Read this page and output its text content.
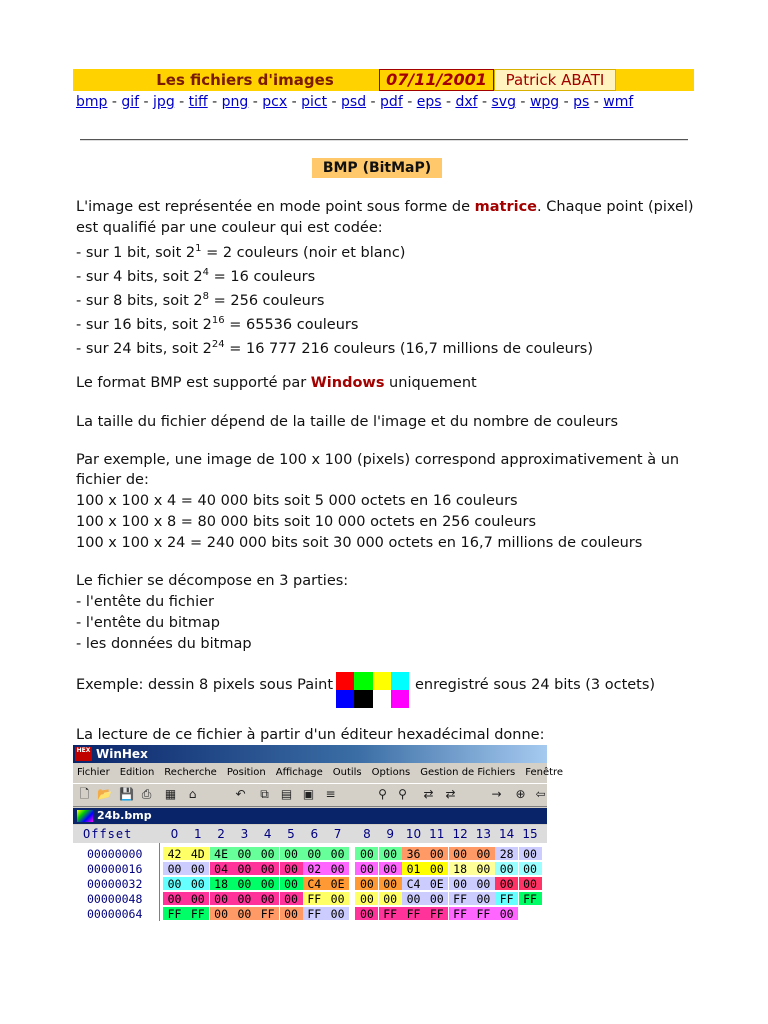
Les fichiers d'images	07/11/2001	Patrick ABATI
bmp - gif - jpg - tiff - png - pcx - pict - psd - pdf - eps - dxf - svg - wpg - ps - wmf
BMP (BitMaP)
L'image est représentée en mode point sous forme de matrice. Chaque point (pixel)
est qualifié par une couleur qui est codée:
- sur 1 bit, soit $2^1 = 2$ couleurs (noir et blanc)
- sur 4 bits, soit $2^4 = 16$ couleurs
- sur 8 bits, soit $2^8 = 256$ couleurs
- sur 16 bits, soit $2^{16} = 65536$ couleurs
- sur 24 bits, soit $2^{24} = 16$ 777 216 couleurs (16,7 millions de couleurs)
Le format BMP est supporté par Windows uniquement
La taille du fichier dépend de la taille de l'image et du nombre de couleurs
Par exemple, une image de 100 x 100 (pixels) correspond approximativement à un
fichier de:
100 x 100 x 4 = 40 000 bits soit 5 000 octets en 16 couleurs
100 x 100 x 8 = 80 000 bits soit 10 000 octets en 256 couleurs
100 x 100 x 24 = 240 000 bits soit 30 000 octets en 16,7 millions de couleurs
Le fichier se décompose en 3 parties:
- l'entête du fichier
- l'entête du bitmap
- les données du bitmap
Exemple: dessin 8 pixels sous Paint	enregistré sous 24 bits (3 octets)
La lecture de ce fichier à partir d'un éditeur hexadécimal donne:
HEX WinHex
Fichier Edition Recherche Position Affichage Outils Options Gestion de Fichiers Fenêtre
🗋 📂 💾 ⎙ ▦	⌂	↶ ⧉ ▤ ▣ ≡	⚲ ⚲ ⇄ ⇄	→ ⊕ ⇦
24b.bmp
Offset	0	1	2	3	4	5	6	7	8	9 10 11 12 13 14 15
00000000	42 4D 4E 00 00 00 00 00	00 00 36 00 00 00 28 00
00000016	00 00 04 00 00 00 02 00	00 00 01 00 18 00 00 00
00000032	00 00 18 00 00 00 C4 0E	00 00 C4 0E 00 00 00 00
00000048	00 00 00 00 00 00 FF 00	00 00 00 00 FF 00 FF FF
00000064	FF FF 00 00 FF 00 FF 00	00 FF FF FF FF FF 00
